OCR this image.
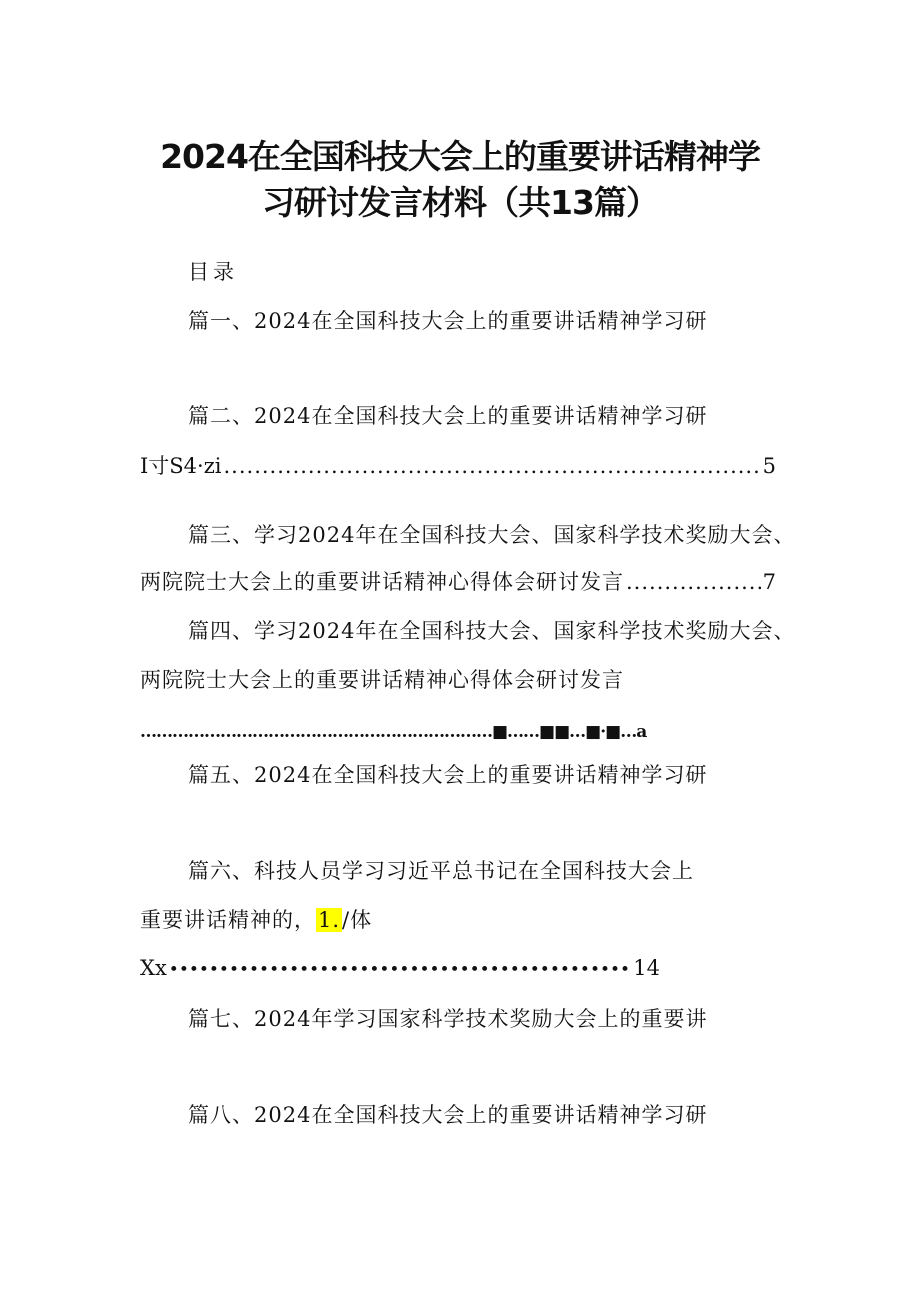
2024在全国科技大会上的重要讲话精神学
习研讨发言材料（共13篇）
目录
篇一、2024在全国科技大会上的重要讲话精神学习研
篇二、2024在全国科技大会上的重要讲话精神学习研
I寸S4·zi .....	5
篇三、学习2024年在全国科技大会、国家科学技术奖励大会、
两院院士大会上的重要讲话精神心得体会研讨发言 .....	7
篇四、学习2024年在全国科技大会、国家科学技术奖励大会、
两院院士大会上的重要讲话精神心得体会研讨发言
…………………………………………………………■……■■…■·■…a
篇五、2024在全国科技大会上的重要讲话精神学习研
篇六、科技人员学习习近平总书记在全国科技大会上
重要讲话精神的，1./体
Xx •••••	14
篇七、2024年学习国家科学技术奖励大会上的重要讲
篇八、2024在全国科技大会上的重要讲话精神学习研
